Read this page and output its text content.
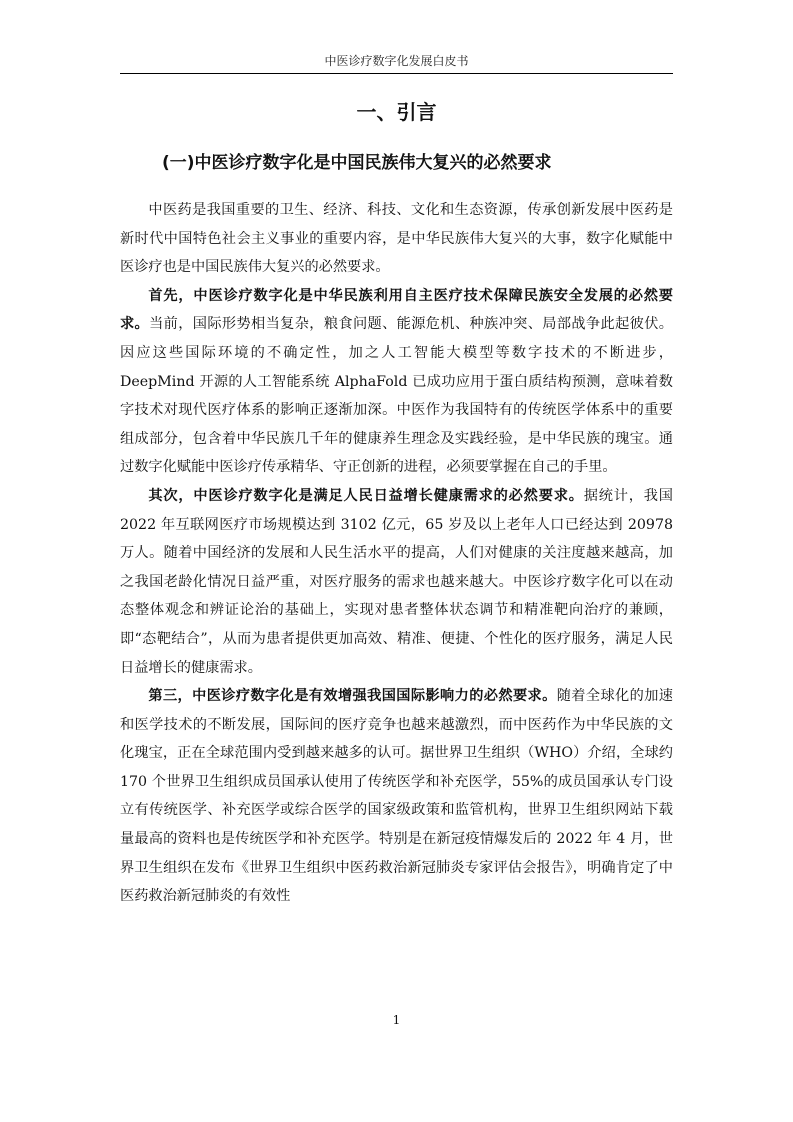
中医诊疗数字化发展白皮书
一、引言
(一)中医诊疗数字化是中国民族伟大复兴的必然要求

中医药是我国重要的卫生、经济、科技、文化和生态资源，传承创新发展中医药是新时代中国特色社会主义事业的重要内容，是中华民族伟大复兴的大事，数字化赋能中医诊疗也是中国民族伟大复兴的必然要求。

首先，中医诊疗数字化是中华民族利用自主医疗技术保障民族安全发展的必然要求。当前，国际形势相当复杂，粮食问题、能源危机、种族冲突、局部战争此起彼伏。因应这些国际环境的不确定性，加之人工智能大模型等数字技术的不断进步，DeepMind 开源的人工智能系统 AlphaFold 已成功应用于蛋白质结构预测，意味着数字技术对现代医疗体系的影响正逐渐加深。中医作为我国特有的传统医学体系中的重要组成部分，包含着中华民族几千年的健康养生理念及实践经验，是中华民族的瑰宝。通过数字化赋能中医诊疗传承精华、守正创新的进程，必须要掌握在自己的手里。

其次，中医诊疗数字化是满足人民日益增长健康需求的必然要求。据统计，我国 2022 年互联网医疗市场规模达到 3102 亿元，65 岁及以上老年人口已经达到 20978 万人。随着中国经济的发展和人民生活水平的提高，人们对健康的关注度越来越高，加之我国老龄化情况日益严重，对医疗服务的需求也越来越大。中医诊疗数字化可以在动态整体观念和辨证论治的基础上，实现对患者整体状态调节和精准靶向治疗的兼顾，即“态靶结合”，从而为患者提供更加高效、精准、便捷、个性化的医疗服务，满足人民日益增长的健康需求。

第三，中医诊疗数字化是有效增强我国国际影响力的必然要求。随着全球化的加速和医学技术的不断发展，国际间的医疗竞争也越来越激烈，而中医药作为中华民族的文化瑰宝，正在全球范围内受到越来越多的认可。据世界卫生组织（WHO）介绍，全球约 170 个世界卫生组织成员国承认使用了传统医学和补充医学，55%的成员国承认专门设立有传统医学、补充医学或综合医学的国家级政策和监管机构，世界卫生组织网站下载量最高的资料也是传统医学和补充医学。特别是在新冠疫情爆发后的 2022 年 4 月，世界卫生组织在发布《世界卫生组织中医药救治新冠肺炎专家评估会报告》，明确肯定了中医药救治新冠肺炎的有效性

1
